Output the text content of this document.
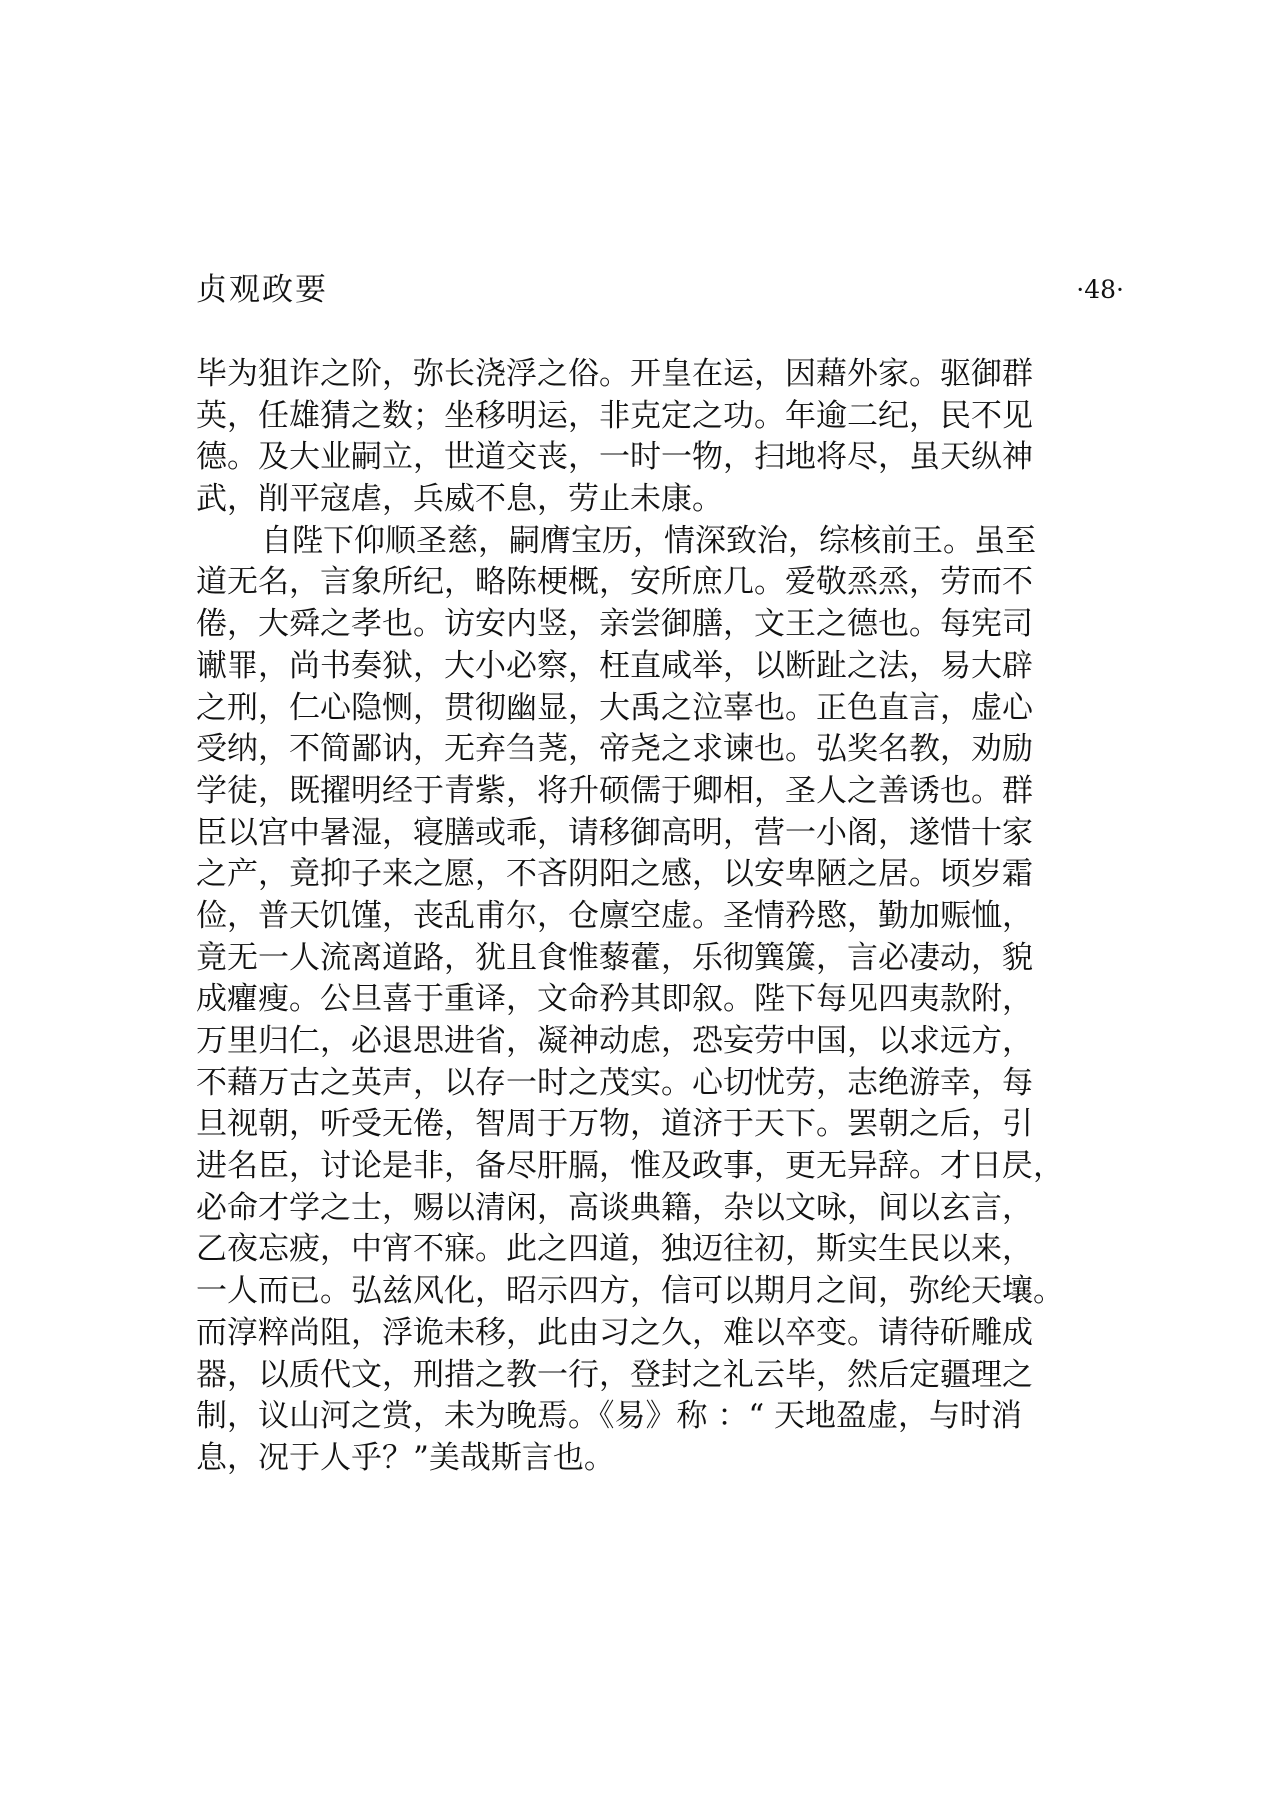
贞观政要	·48·
毕为狙诈之阶，弥长浇浮之俗。开皇在运，因藉外家。驱御群
英，任雄猜之数；坐移明运，非克定之功。年逾二纪，民不见
德。及大业嗣立，世道交丧，一时一物，扫地将尽，虽天纵神
武，削平寇虐，兵威不息，劳止未康。
自陛下仰顺圣慈，嗣膺宝历，情深致治，综核前王。虽至
道无名，言象所纪，略陈梗概，安所庶几。爱敬烝烝，劳而不
倦，大舜之孝也。访安内竖，亲尝御膳，文王之德也。每宪司
谳罪，尚书奏狱，大小必察，枉直咸举，以断趾之法，易大辟
之刑，仁心隐恻，贯彻幽显，大禹之泣辜也。正色直言，虚心
受纳，不简鄙讷，无弃刍荛，帝尧之求谏也。弘奖名教，劝励
学徒，既擢明经于青紫，将升硕儒于卿相，圣人之善诱也。群
臣以宫中暑湿，寝膳或乖，请移御高明，营一小阁，遂惜十家
之产，竟抑子来之愿，不吝阴阳之感，以安卑陋之居。顷岁霜
俭，普天饥馑，丧乱甫尔，仓廪空虚。圣情矜愍，勤加赈恤，
竟无一人流离道路，犹且食惟藜藿，乐彻簨簴，言必凄动，貌
成癯瘦。公旦喜于重译，文命矜其即叙。陛下每见四夷款附，
万里归仁，必退思进省，凝神动虑，恐妄劳中国，以求远方，
不藉万古之英声，以存一时之茂实。心切忧劳，志绝游幸，每
旦视朝，听受无倦，智周于万物，道济于天下。罢朝之后，引
进名臣，讨论是非，备尽肝膈，惟及政事，更无异辞。才日昃，
必命才学之士，赐以清闲，高谈典籍，杂以文咏，间以玄言，
乙夜忘疲，中宵不寐。此之四道，独迈往初，斯实生民以来，
一人而已。弘兹风化，昭示四方，信可以期月之间，弥纶天壤。
而淳粹尚阻，浮诡未移，此由习之久，难以卒变。请待斫雕成
器，以质代文，刑措之教一行，登封之礼云毕，然后定疆理之
制，议山河之赏，未为晚焉。《易》称 ：“ 天地盈虚，与时消
息，况于人乎？”美哉斯言也。
